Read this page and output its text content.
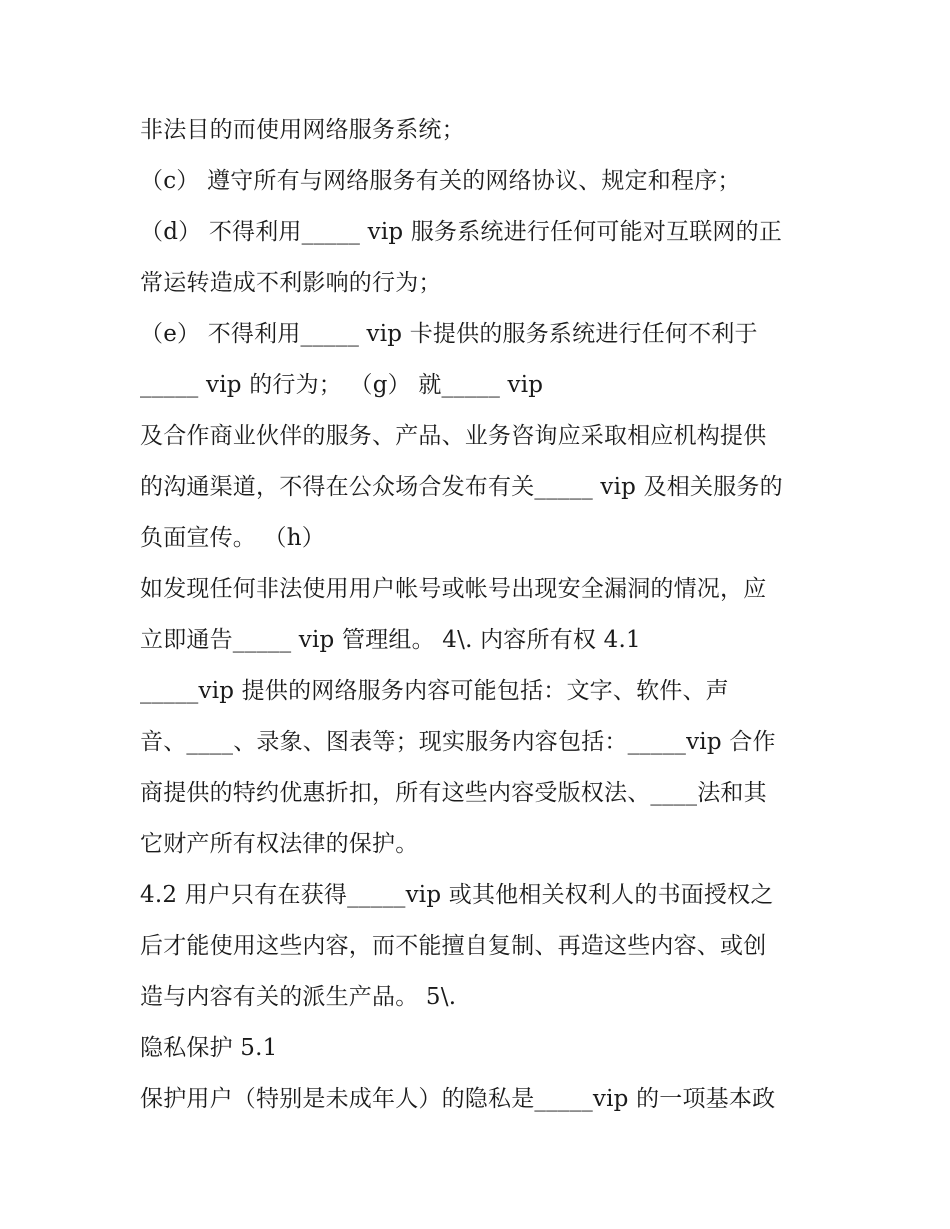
非法目的而使用网络服务系统；
（c） 遵守所有与网络服务有关的网络协议、规定和程序；
（d） 不得利用_____ vip 服务系统进行任何可能对互联网的正
常运转造成不利影响的行为；
（e） 不得利用_____ vip 卡提供的服务系统进行任何不利于
_____ vip 的行为； （g） 就_____ vip
及合作商业伙伴的服务、产品、业务咨询应采取相应机构提供
的沟通渠道，不得在公众场合发布有关_____ vip 及相关服务的
负面宣传。 （h）
如发现任何非法使用用户帐号或帐号出现安全漏洞的情况，应
立即通告_____ vip 管理组。 4\. 内容所有权 4.1
_____vip 提供的网络服务内容可能包括：文字、软件、声
音、____、录象、图表等；现实服务内容包括：_____vip 合作
商提供的特约优惠折扣，所有这些内容受版权法、____法和其
它财产所有权法律的保护。
4.2 用户只有在获得_____vip 或其他相关权利人的书面授权之
后才能使用这些内容，而不能擅自复制、再造这些内容、或创
造与内容有关的派生产品。 5\.
隐私保护 5.1
保护用户（特别是未成年人）的隐私是_____vip 的一项基本政
